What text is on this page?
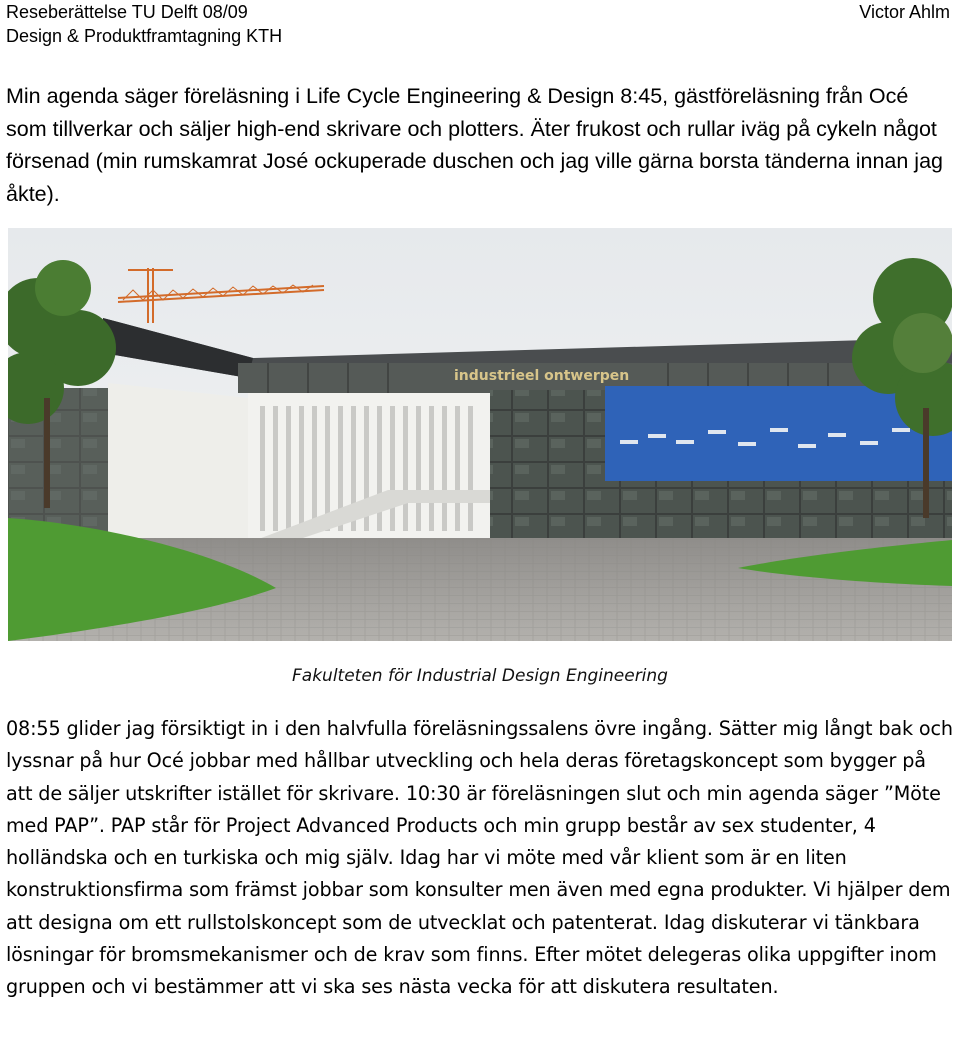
Reseberättelse TU Delft 08/09
Design & Produktframtagning KTH
Victor Ahlm

Min agenda säger föreläsning i Life Cycle Engineering & Design 8:45, gästföreläsning från Océ som tillverkar och säljer high-end skrivare och plotters. Äter frukost och rullar iväg på cykeln något försenad (min rumskamrat José ockuperade duschen och jag ville gärna borsta tänderna innan jag åkte).

industrieel ontwerpen
Fakulteten för Industrial Design Engineering

08:55 glider jag försiktigt in i den halvfulla föreläsningssalens övre ingång. Sätter mig långt bak och lyssnar på hur Océ jobbar med hållbar utveckling och hela deras företagskoncept som bygger på att de säljer utskrifter istället för skrivare. 10:30 är föreläsningen slut och min agenda säger ”Möte med PAP”. PAP står för Project Advanced Products och min grupp består av sex studenter, 4 holländska och en turkiska och mig själv. Idag har vi möte med vår klient som är en liten konstruktionsfirma som främst jobbar som konsulter men även med egna produkter. Vi hjälper dem att designa om ett rullstolskoncept som de utvecklat och patenterat. Idag diskuterar vi tänkbara lösningar för bromsmekanismer och de krav som finns. Efter mötet delegeras olika uppgifter inom gruppen och vi bestämmer att vi ska ses nästa vecka för att diskutera resultaten.
